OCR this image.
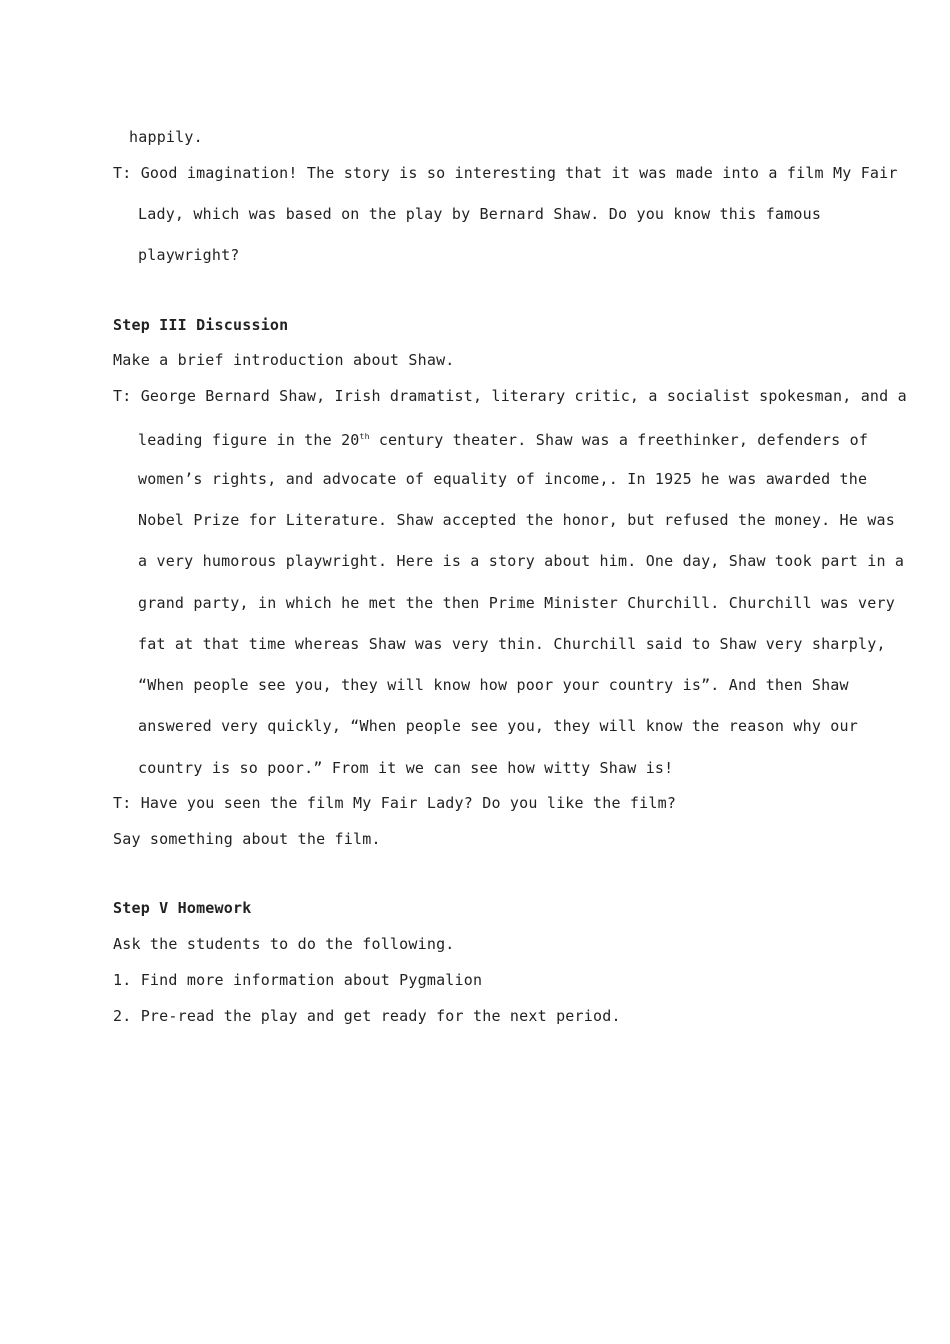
happily.
T: Good imagination! The story is so interesting that it was made into a film My Fair
Lady, which was based on the play by Bernard Shaw. Do you know this famous
playwright?
Step III Discussion
Make a brief introduction about Shaw.
T: George Bernard Shaw, Irish dramatist, literary critic, a socialist spokesman, and a
leading figure in the 20th century theater. Shaw was a freethinker, defenders of
women’s rights, and advocate of equality of income,. In 1925 he was awarded the
Nobel Prize for Literature. Shaw accepted the honor, but refused the money. He was
a very humorous playwright. Here is a story about him. One day, Shaw took part in a
grand party, in which he met the then Prime Minister Churchill. Churchill was very
fat at that time whereas Shaw was very thin. Churchill said to Shaw very sharply,
“When people see you, they will know how poor your country is”. And then Shaw
answered very quickly, “When people see you, they will know the reason why our
country is so poor.” From it we can see how witty Shaw is!
T: Have you seen the film My Fair Lady? Do you like the film?
Say something about the film.
Step V Homework
Ask the students to do the following.
1. Find more information about Pygmalion
2. Pre-read the play and get ready for the next period.
